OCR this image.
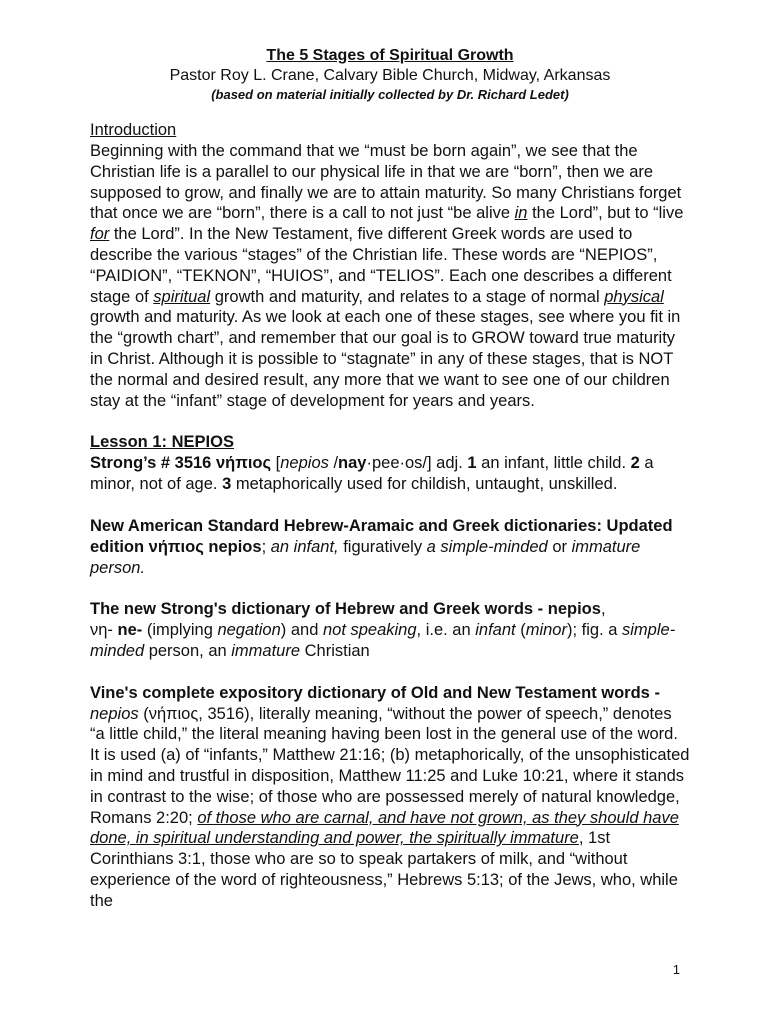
The 5 Stages of Spiritual Growth
Pastor Roy L. Crane, Calvary Bible Church, Midway, Arkansas
(based on material initially collected by Dr. Richard Ledet)
Introduction

Beginning with the command that we “must be born again”, we see that the Christian life is a parallel to our physical life in that we are “born”, then we are supposed to grow, and finally we are to attain maturity. So many Christians forget that once we are “born”, there is a call to not just “be alive in the Lord”, but to “live for the Lord”. In the New Testament, five different Greek words are used to describe the various “stages” of the Christian life. These words are “NEPIOS”, “PAIDION”, “TEKNON”, “HUIOS”, and “TELIOS”. Each one describes a different stage of spiritual growth and maturity, and relates to a stage of normal physical growth and maturity. As we look at each one of these stages, see where you fit in the “growth chart”, and remember that our goal is to GROW toward true maturity in Christ. Although it is possible to “stagnate” in any of these stages, that is NOT the normal and desired result, any more that we want to see one of our children stay at the “infant” stage of development for years and years.

Lesson 1: NEPIOS

Strong’s # 3516 νήπιος [nepios /nay·pee·os/] adj. 1 an infant, little child. 2 a minor, not of age. 3 metaphorically used for childish, untaught, unskilled.

New American Standard Hebrew-Aramaic and Greek dictionaries: Updated edition νήπιος nepios; an infant, figuratively a simple-minded or immature person.

The new Strong's dictionary of Hebrew and Greek words - nepios,
νη- ne- (implying negation) and not speaking, i.e. an infant (minor); fig. a simple-minded person, an immature Christian

Vine's complete expository dictionary of Old and New Testament words - nepios (νήπιος, 3516), literally meaning, “without the power of speech,” denotes “a little child,” the literal meaning having been lost in the general use of the word. It is used (a) of “infants,” Matthew 21:16; (b) metaphorically, of the unsophisticated in mind and trustful in disposition, Matthew 11:25 and Luke 10:21, where it stands in contrast to the wise; of those who are possessed merely of natural knowledge, Romans 2:20; of those who are carnal, and have not grown, as they should have done, in spiritual understanding and power, the spiritually immature, 1st Corinthians 3:1, those who are so to speak partakers of milk, and “without experience of the word of righteousness,” Hebrews 5:13; of the Jews, who, while the

1
